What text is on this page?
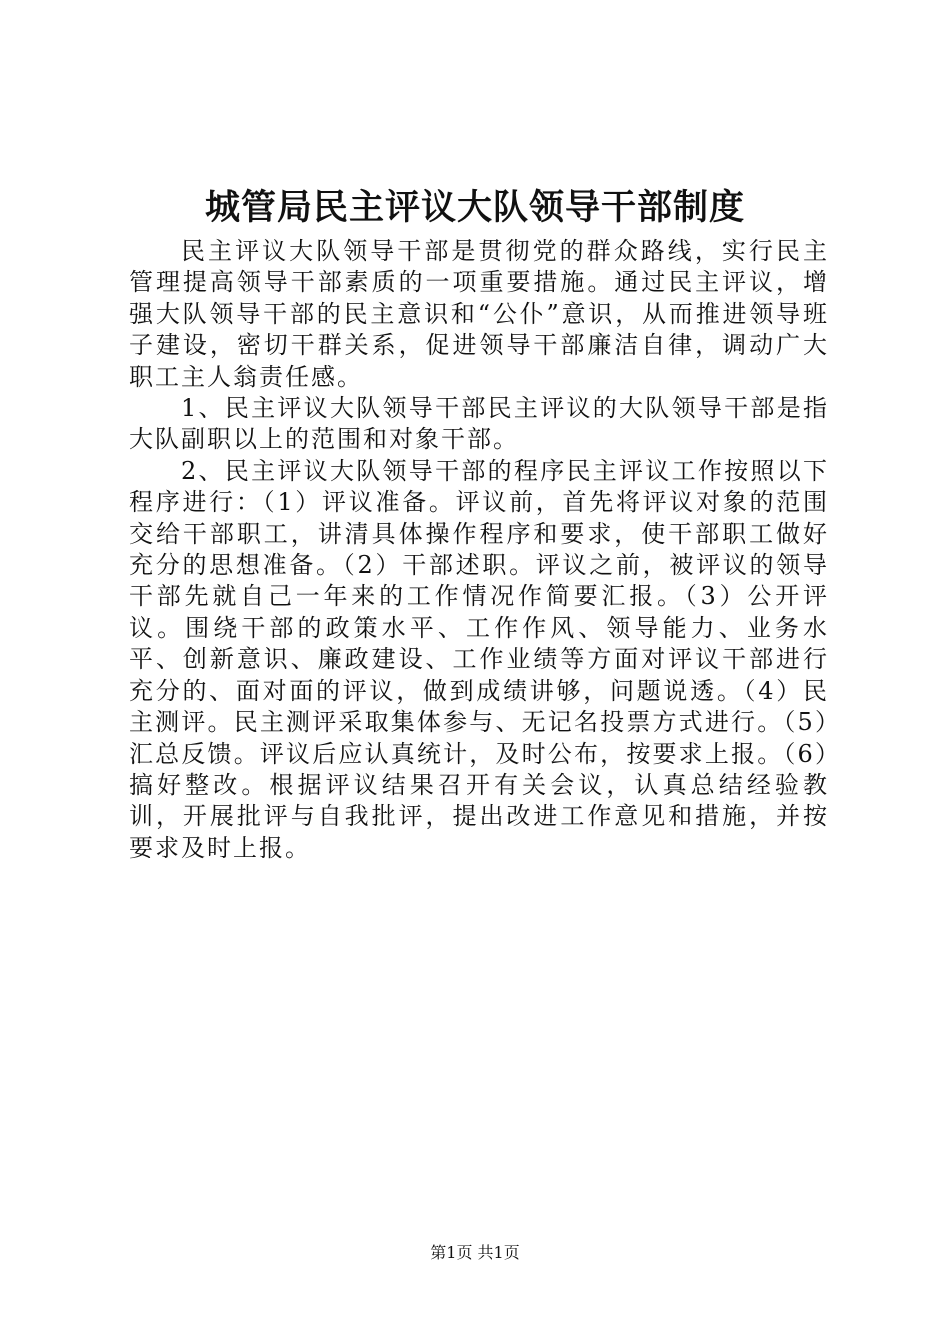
城管局民主评议大队领导干部制度

民主评议大队领导干部是贯彻党的群众路线，实行民主管理提高领导干部素质的一项重要措施。通过民主评议，增强大队领导干部的民主意识和“公仆”意识，从而推进领导班子建设，密切干群关系，促进领导干部廉洁自律，调动广大职工主人翁责任感。

1、民主评议大队领导干部民主评议的大队领导干部是指大队副职以上的范围和对象干部。

2、民主评议大队领导干部的程序民主评议工作按照以下程序进行：（1）评议准备。评议前，首先将评议对象的范围交给干部职工，讲清具体操作程序和要求，使干部职工做好充分的思想准备。（2）干部述职。评议之前，被评议的领导干部先就自己一年来的工作情况作简要汇报。（3）公开评议。围绕干部的政策水平、工作作风、领导能力、业务水平、创新意识、廉政建设、工作业绩等方面对评议干部进行充分的、面对面的评议，做到成绩讲够，问题说透。（4）民主测评。民主测评采取集体参与、无记名投票方式进行。（5）汇总反馈。评议后应认真统计，及时公布，按要求上报。（6）搞好整改。根据评议结果召开有关会议，认真总结经验教训，开展批评与自我批评，提出改进工作意见和措施，并按要求及时上报。

第1页 共1页
